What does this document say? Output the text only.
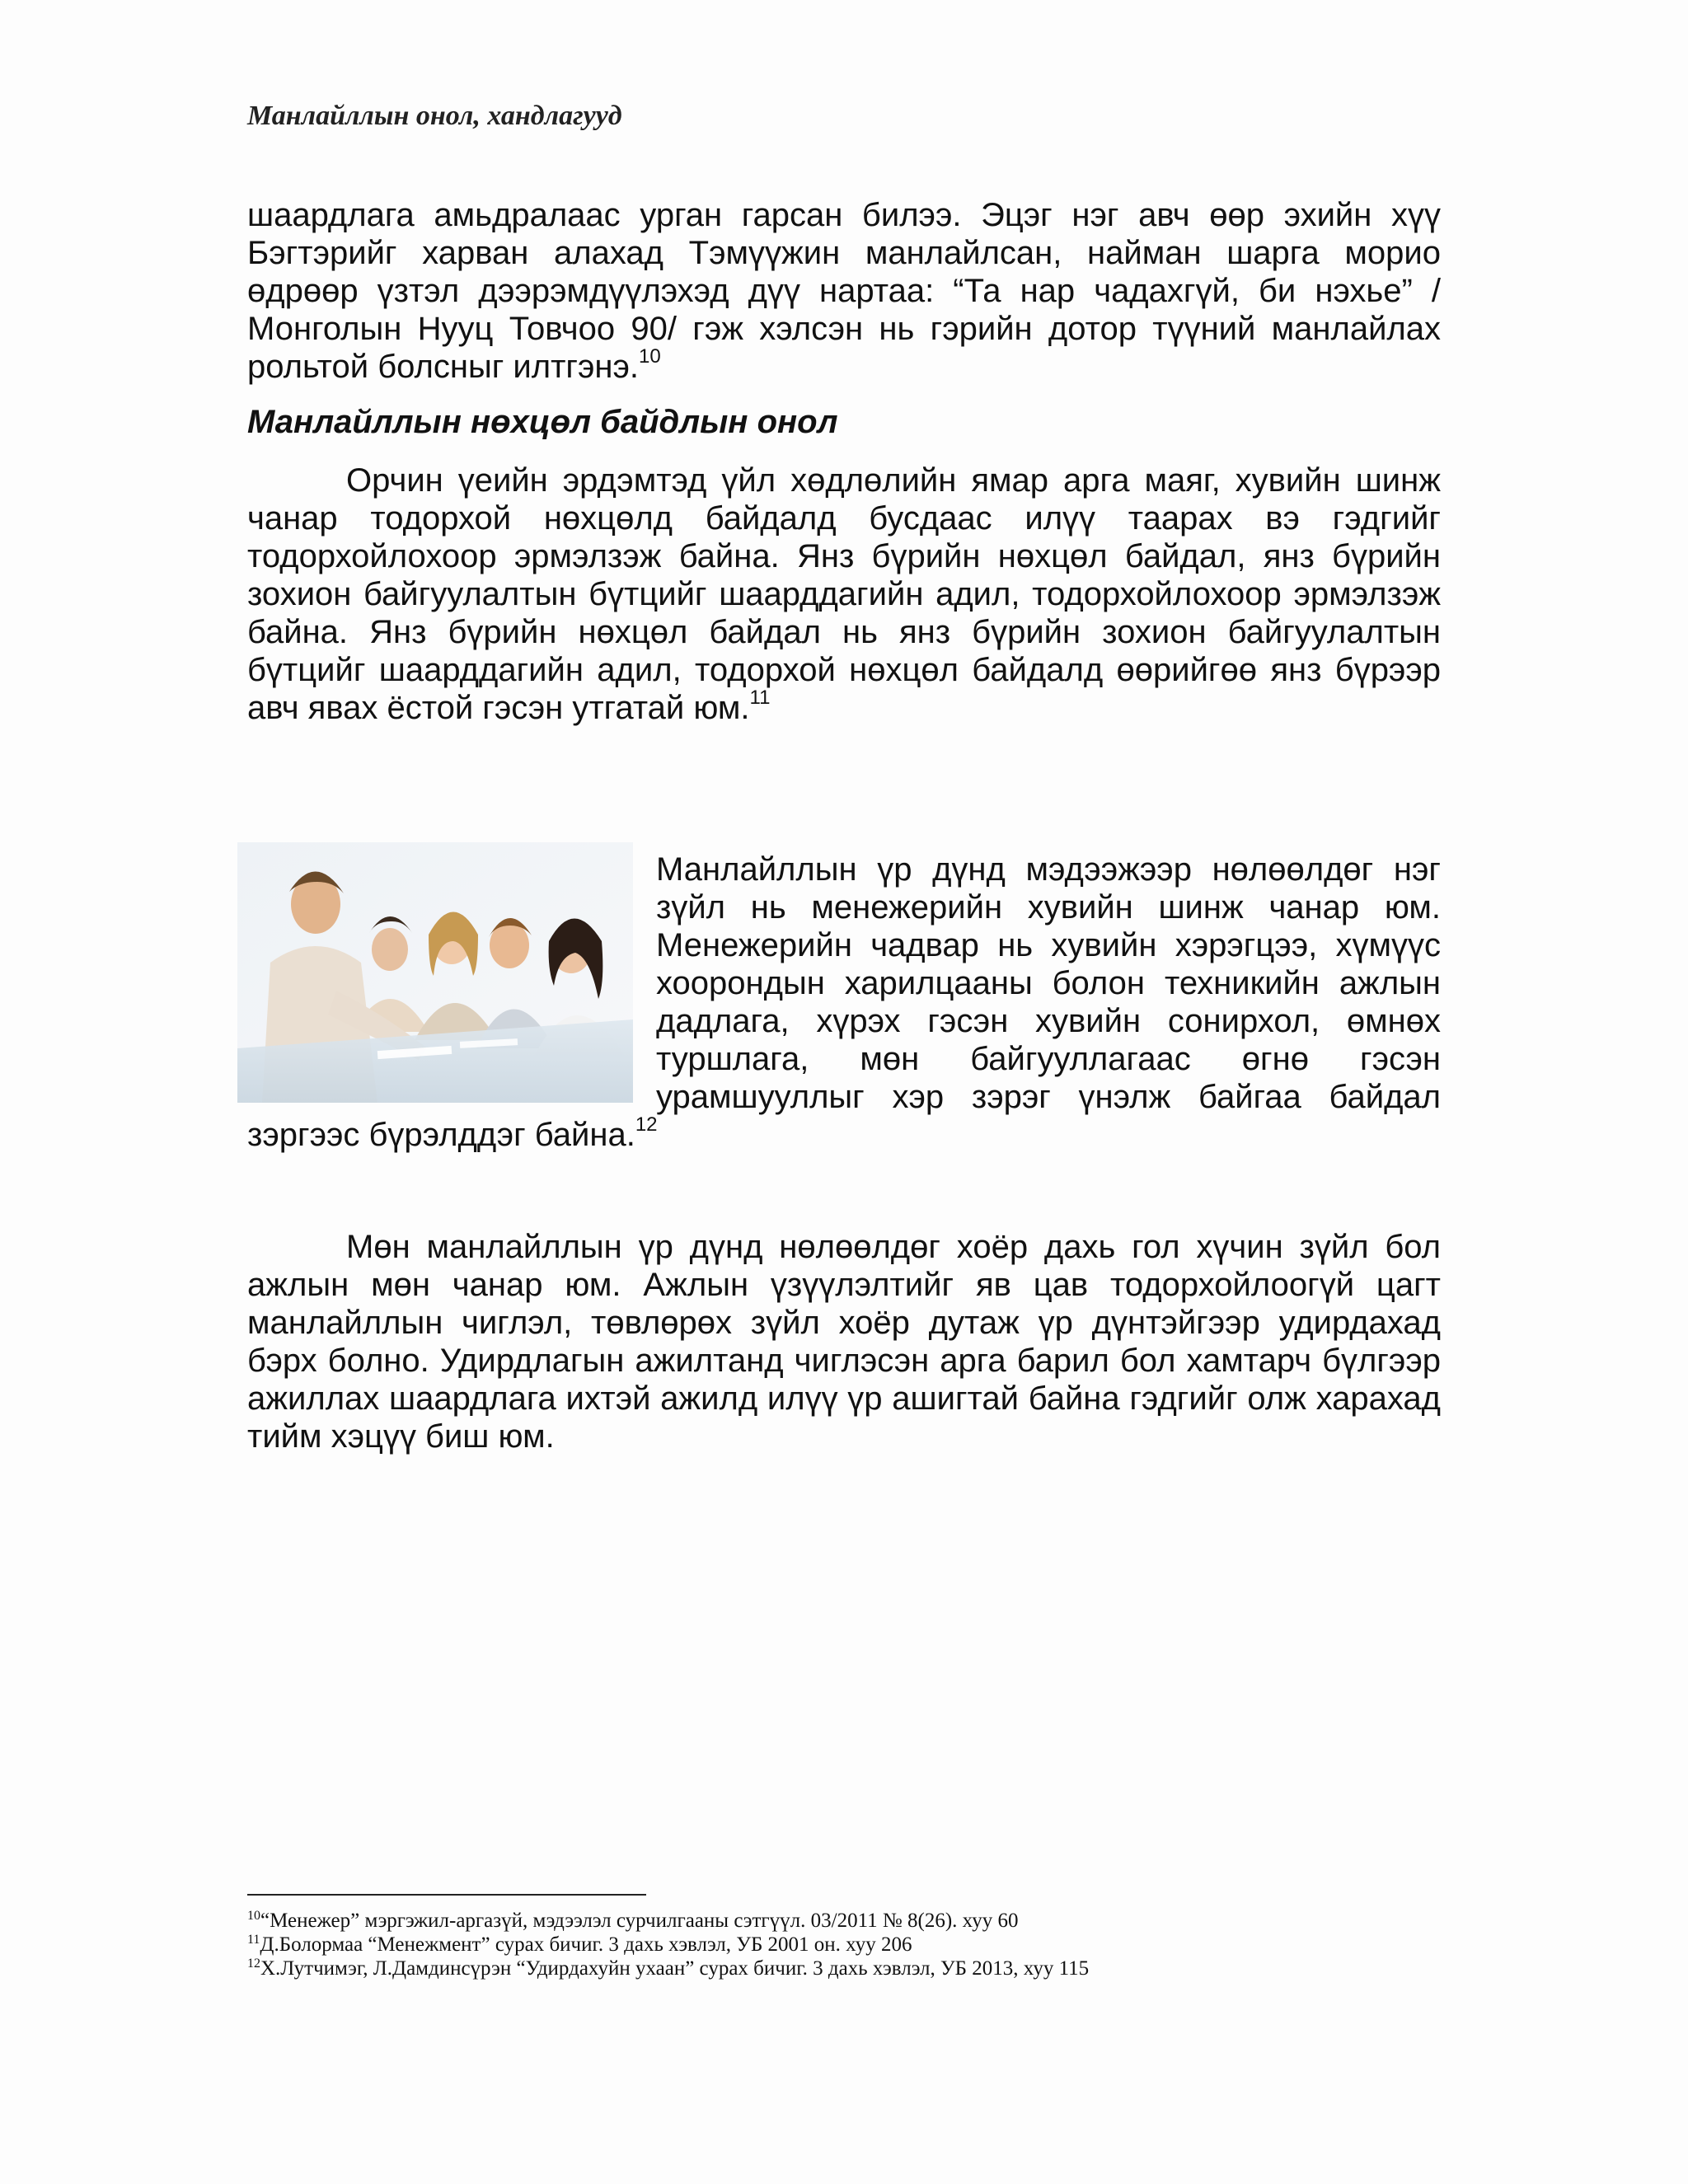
Манлайллын онол, хандлагууд
шаардлага амьдралаас урган гарсан билээ. Эцэг нэг авч өөр эхийн хүү Бэгтэрийг харван алахад Тэмүүжин манлайлсан, найман шарга морио өдрөөр үзтэл дээрэмдүүлэхэд дүү нартаа: “Та нар чадахгүй, би нэхье” /Монголын Нууц Товчоо 90/ гэж хэлсэн нь гэрийн дотор түүний манлайлах рольтой болсныг илтгэнэ.$^{10}$
Манлайллын нөхцөл байдлын онол
Орчин үеийн эрдэмтэд үйл хөдлөлийн ямар арга маяг, хувийн шинж чанар тодорхой нөхцөлд байдалд бусдаас илүү таарах вэ гэдгийг тодорхойлохоор эрмэлзэж байна. Янз бүрийн нөхцөл байдал, янз бүрийн зохион байгуулалтын бүтцийг шаарддагийн адил, тодорхойлохоор эрмэлзэж байна. Янз бүрийн нөхцөл байдал нь янз бүрийн зохион байгуулалтын бүтцийг шаарддагийн адил, тодорхой нөхцөл байдалд өөрийгөө янз бүрээр авч явах ёстой гэсэн утгатай юм.$^{11}$
Манлайллын үр дүнд мэдээжээр нөлөөлдөг нэг зүйл нь менежерийн хувийн шинж чанар юм. Менежерийн чадвар нь хувийн хэрэгцээ, хүмүүс хоорондын харилцааны болон техникийн ажлын дадлага, хүрэх гэсэн хувийн сонирхол, өмнөх туршлага, мөн байгууллагаас өгнө гэсэн урамшууллыг хэр зэрэг үнэлж байгаа байдал
зэргээс бүрэлддэг байна.$^{12}$
Мөн манлайллын үр дүнд нөлөөлдөг хоёр дахь гол хүчин зүйл бол ажлын мөн чанар юм. Ажлын үзүүлэлтийг яв цав тодорхойлоогүй цагт манлайллын чиглэл, төвлөрөх зүйл хоёр дутаж үр дүнтэйгээр удирдахад бэрх болно. Удирдлагын ажилтанд чиглэсэн арга барил бол хамтарч бүлгээр ажиллах шаардлага ихтэй ажилд илүү үр ашигтай байна гэдгийг олж харахад тийм хэцүү биш юм.
$^{10}$“Менежер” мэргэжил-аргазүй, мэдээлэл сурчилгааны сэтгүүл. 03/2011 № 8(26). хуу 60
$^{11}$Д.Болормаа “Менежмент” сурах бичиг. 3 дахь хэвлэл, УБ 2001 он. хуу 206
$^{12}$Х.Лутчимэг, Л.Дамдинсүрэн “Удирдахуйн ухаан” сурах бичиг. 3 дахь хэвлэл, УБ 2013, хуу 115
